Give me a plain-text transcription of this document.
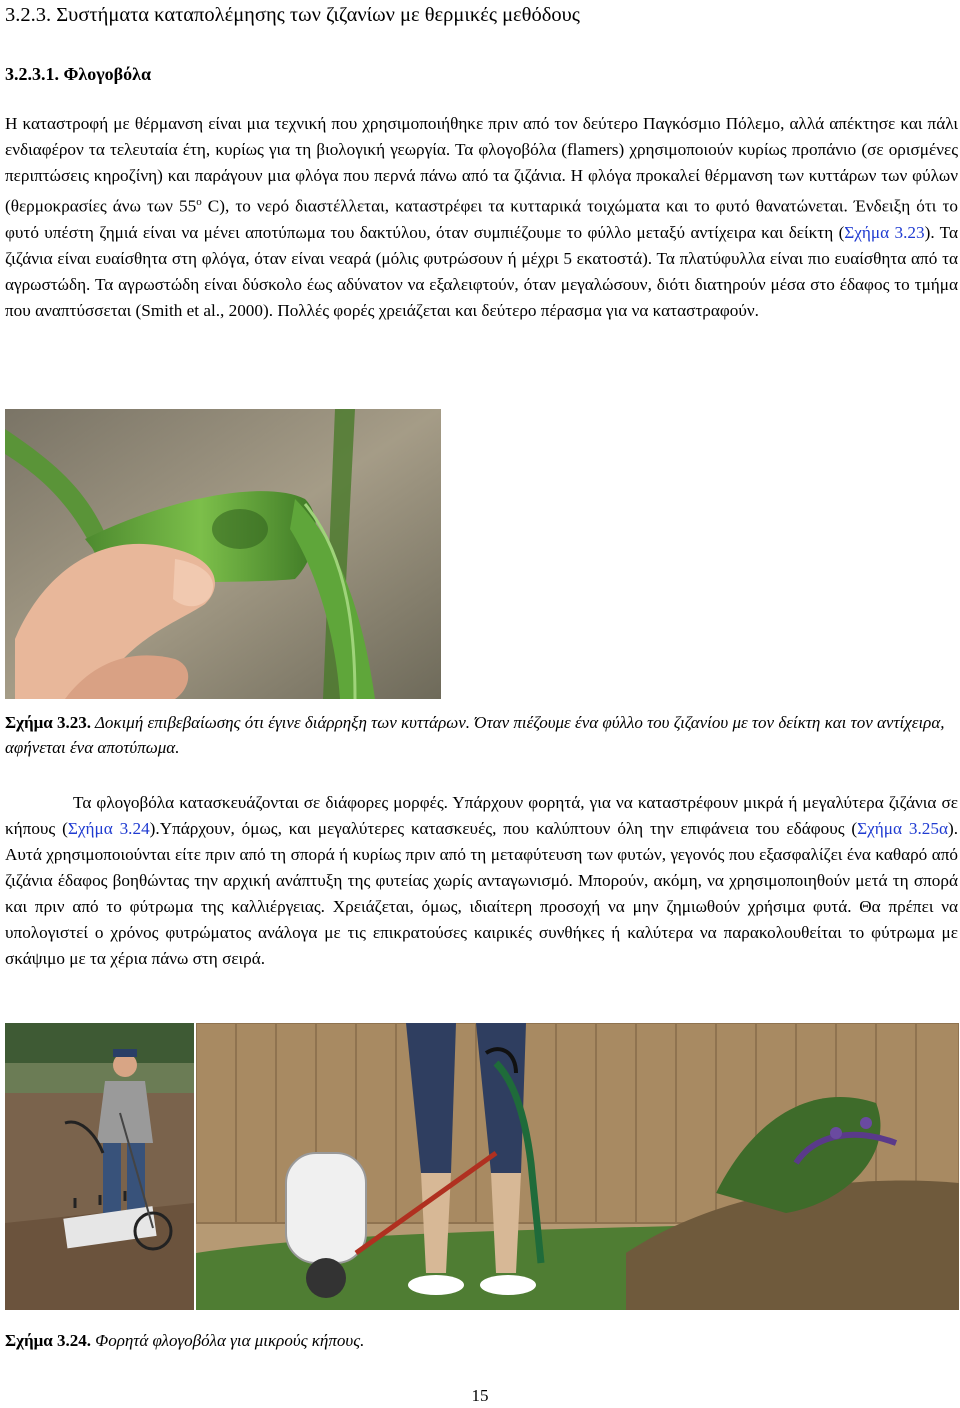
3.2.3. Συστήματα καταπολέμησης των ζιζανίων με θερμικές μεθόδους
3.2.3.1. Φλογοβόλα
Η καταστροφή με θέρμανση είναι μια τεχνική που χρησιμοποιήθηκε πριν από τον δεύτερο Παγκόσμιο Πόλεμο, αλλά απέκτησε και πάλι ενδιαφέρον τα τελευταία έτη, κυρίως για τη βιολογική γεωργία. Τα φλογοβόλα (flamers) χρησιμοποιούν κυρίως προπάνιο (σε ορισμένες περιπτώσεις κηροζίνη) και παράγουν μια φλόγα που περνά πάνω από τα ζιζάνια. Η φλόγα προκαλεί θέρμανση των κυττάρων των φύλων (θερμοκρασίες άνω των $55^o$ C), το νερό διαστέλλεται, καταστρέφει τα κυτταρικά τοιχώματα και το φυτό θανατώνεται. Ένδειξη ότι το φυτό υπέστη ζημιά είναι να μένει αποτύπωμα του δακτύλου, όταν συμπιέζουμε το φύλλο μεταξύ αντίχειρα και δείκτη (Σχήμα 3.23). Τα ζιζάνια είναι ευαίσθητα στη φλόγα, όταν είναι νεαρά (μόλις φυτρώσουν ή μέχρι 5 εκατοστά). Τα πλατύφυλλα είναι πιο ευαίσθητα από τα αγρωστώδη. Τα αγρωστώδη είναι δύσκολο έως αδύνατον να εξαλειφτούν, όταν μεγαλώσουν, διότι διατηρούν μέσα στο έδαφος το τμήμα που αναπτύσσεται (Smith et al., 2000). Πολλές φορές χρειάζεται και δεύτερο πέρασμα για να καταστραφούν.
Σχήμα 3.23. Δοκιμή επιβεβαίωσης ότι έγινε διάρρηξη των κυττάρων. Όταν πιέζουμε ένα φύλλο του ζιζανίου με τον δείκτη και τον αντίχειρα, αφήνεται ένα αποτύπωμα.
Τα φλογοβόλα κατασκευάζονται σε διάφορες μορφές. Υπάρχουν φορητά, για να καταστρέφουν μικρά ή μεγαλύτερα ζιζάνια σε κήπους (Σχήμα 3.24).Υπάρχουν, όμως, και μεγαλύτερες κατασκευές, που καλύπτουν όλη την επιφάνεια του εδάφους (Σχήμα 3.25α). Αυτά χρησιμοποιούνται είτε πριν από τη σπορά ή κυρίως πριν από τη μεταφύτευση των φυτών, γεγονός που εξασφαλίζει ένα καθαρό από ζιζάνια έδαφος βοηθώντας την αρχική ανάπτυξη της φυτείας χωρίς ανταγωνισμό. Μπορούν, ακόμη, να χρησιμοποιηθούν μετά τη σπορά και πριν από το φύτρωμα της καλλιέργειας. Χρειάζεται, όμως, ιδιαίτερη προσοχή να μην ζημιωθούν χρήσιμα φυτά. Θα πρέπει να υπολογιστεί ο χρόνος φυτρώματος ανάλογα με τις επικρατούσες καιρικές συνθήκες ή καλύτερα να παρακολουθείται το φύτρωμα με σκάψιμο με τα χέρια πάνω στη σειρά.
Σχήμα 3.24. Φορητά φλογοβόλα για μικρούς κήπους.
15
